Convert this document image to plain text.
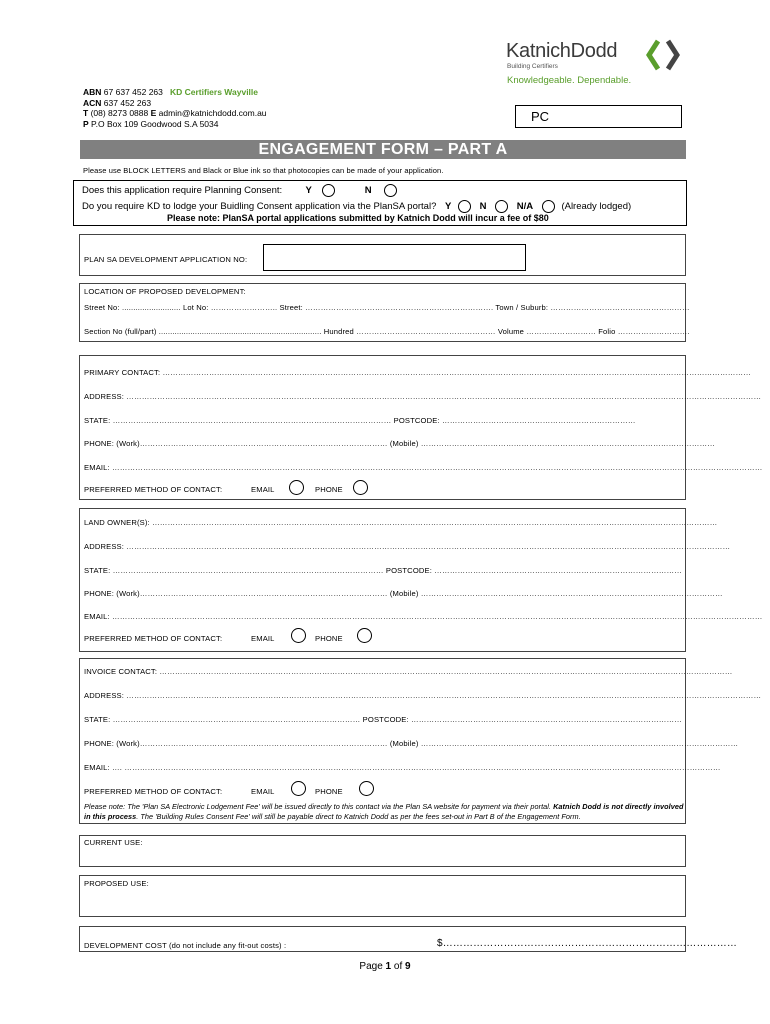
KatnichDodd
Building Certifiers
Knowledgeable. Dependable.
ABN 67 637 452 263 KD Certifiers Wayville
ACN 637 452 263
T (08) 8273 0888 E admin@katnichdodd.com.au
P P.O Box 109 Goodwood S.A 5034	PC
ENGAGEMENT FORM – PART A
Please use BLOCK LETTERS and Black or Blue ink so that photocopies can be made of your application.
Does this application require Planning Consent: Y	N
Do you require KD to lodge your Buidling Consent application via the PlanSA portal? Y	N	N/A	(Already lodged)
Please note: PlanSA portal applications submitted by Katnich Dodd will incur a fee of $80
PLAN SA DEVELOPMENT APPLICATION NO:
LOCATION OF PROPOSED DEVELOPMENT:
Street No: .......................... Lot No: …………………….. Street: ………………………………………………………………. Town / Suburb: ………………………………………………
Section No (full/part) ........................................................................ Hundred ……………………………………………… Volume ……………………… Folio ……………………….
PRIMARY CONTACT: …………………………………………………………………………………………………………………………………………………………………………………………………………
ADDRESS: …………………………………………………………………………………………………………………………………………………………………………………………………………………………
STATE: ……………………………………………………………………………………………… POSTCODE: …………………………………………………………………
PHONE: (Work)…………………………………………………………………………………… (Mobile) ……………………………………………………………………………………………………
EMAIL: ………………………………………………………………………………………………………………………………………………………………………………………………………………………………
PREFERRED METHOD OF CONTACT:	EMAIL	PHONE
LAND OWNER(S): …………………………………………………………………………………………………………………………………………………………………………………………………
ADDRESS: ………………………………………………………………………………………………………………………………………………………………………………………………………………
STATE: …………………………………………………………………………………………… POSTCODE: ……………………………………………………………………………………
PHONE: (Work)…………………………………………………………………………………… (Mobile) ………………………………………………………………………………………………………
EMAIL: ………………………………………………………………………………………………………………………………………………………………………………………………………………………………
PREFERRED METHOD OF CONTACT:	EMAIL	PHONE
INVOICE CONTACT: ……………………………………………………………………………………………………………………………………………………………………………………………………
ADDRESS: …………………………………………………………………………………………………………………………………………………………………………………………………………………………
STATE: …………………………………………………………………………………… POSTCODE: ……………………………………………………………………………………………
PHONE: (Work)…………………………………………………………………………………… (Mobile) ……………………………………………………………………………………………………………
EMAIL: …. ……………………………………………………………………………………………………………………………………………………………………………………………………………
PREFERRED METHOD OF CONTACT:	EMAIL	PHONE
Please note: The 'Plan SA Electronic Lodgement Fee' will be issued directly to this contact via the Plan SA website for payment via their portal. Katnich Dodd is not directly involved in this process. The 'Building Rules Consent Fee' will still be payable direct to Katnich Dodd as per the fees set-out in Part B of the Engagement Form.
CURRENT USE:
PROPOSED USE:
DEVELOPMENT COST (do not include any fit-out costs) :	$……………………………………………………………………………
Page 1 of 9
